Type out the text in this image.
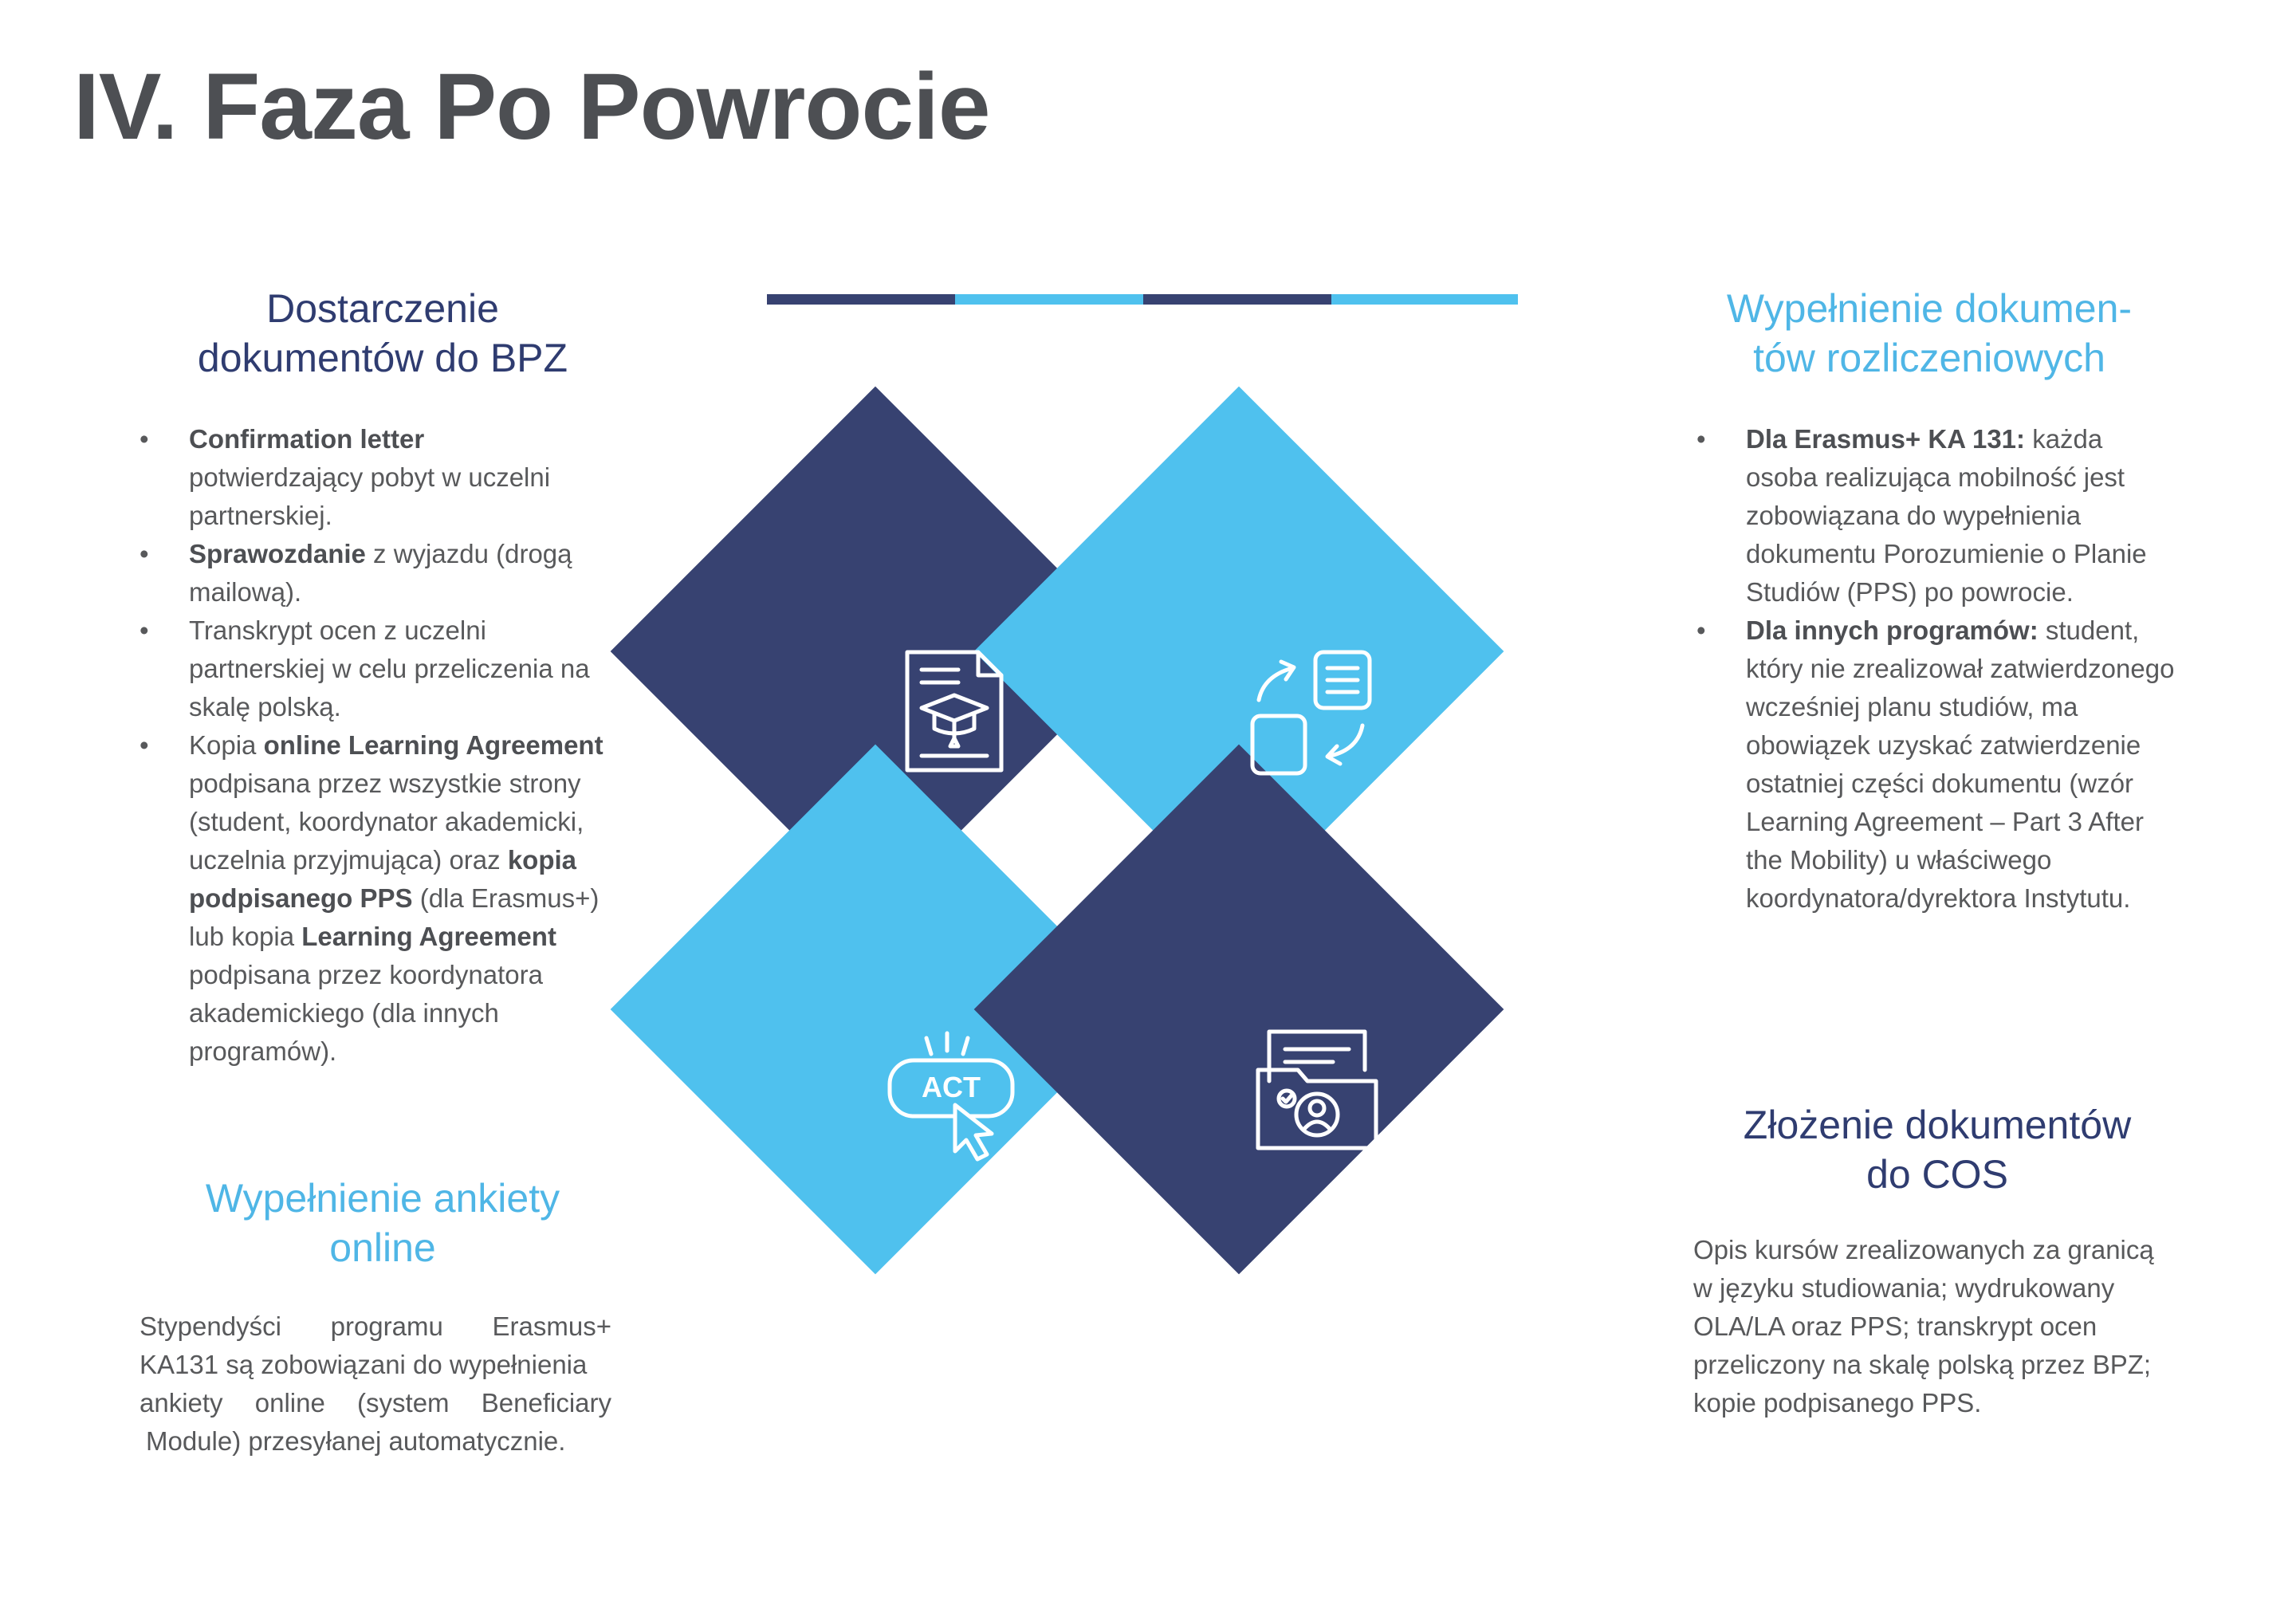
IV. Faza Po Powrocie
Dostarczenie
dokumentów do BPZ
• Confirmation letter
potwierdzający pobyt w uczelni partnerskiej.
• Sprawozdanie z wyjazdu (drogą mailową).
• Transkrypt ocen z uczelni partnerskiej w celu przeliczenia na skalę polską.
• Kopia online Learning Agreement podpisana przez wszystkie strony (student, koordynator akademicki, uczelnia przyjmująca) oraz kopia podpisanego PPS (dla Erasmus+) lub kopia Learning Agreement podpisana przez koordynatora akademickiego (dla innych programów).
Wypełnienie ankiety
online
Stypendyści programu Erasmus+
KA131 są zobowiązani do wypełnienia
ankiety online (system Beneficiary
Module) przesyłanej automatycznie.
Wypełnienie dokumen-
tów rozliczeniowych
• Dla Erasmus+ KA 131: każda osoba realizująca mobilność jest zobowiązana do wypełnienia dokumentu Porozumienie o Planie Studiów (PPS) po powrocie.
• Dla innych programów: student, który nie zrealizował zatwierdzonego wcześniej planu studiów, ma obowiązek uzyskać zatwierdzenie ostatniej części dokumentu (wzór Learning Agreement – Part 3 After the Mobility) u właściwego koordynatora/dyrektora Instytutu.
Złożenie dokumentów
do COS
Opis kursów zrealizowanych za granicą w języku studiowania; wydrukowany OLA/LA oraz PPS; transkrypt ocen przeliczony na skalę polską przez BPZ; kopie podpisanego PPS.
ACT
